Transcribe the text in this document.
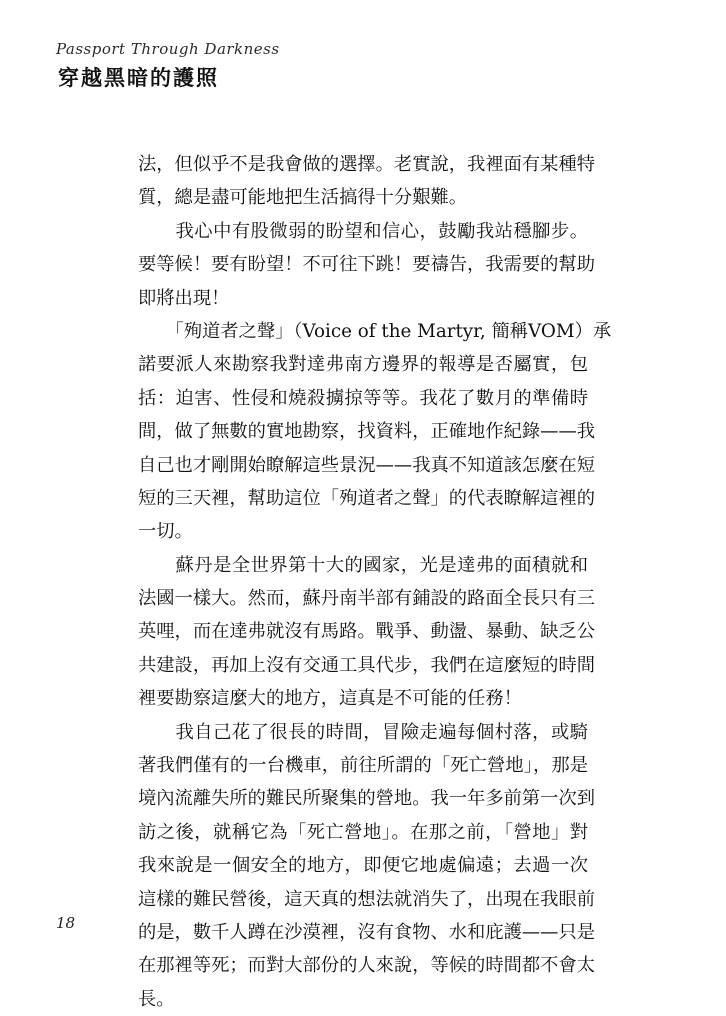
Passport Through Darkness
穿越黑暗的護照
法，但似乎不是我會做的選擇。老實說，我裡面有某種特
質，總是盡可能地把生活搞得十分艱難。
　　我心中有股微弱的盼望和信心，鼓勵我站穩腳步。
要等候！要有盼望！不可往下跳！要禱告，我需要的幫助
即將出現！
　　「殉道者之聲」（Voice of the Martyr, 簡稱VOM）承
諾要派人來勘察我對達弗南方邊界的報導是否屬實，包
括：迫害、性侵和燒殺擄掠等等。我花了數月的準備時
間，做了無數的實地勘察，找資料，正確地作紀錄——我
自己也才剛開始瞭解這些景況——我真不知道該怎麼在短
短的三天裡，幫助這位「殉道者之聲」的代表瞭解這裡的
一切。
　　蘇丹是全世界第十大的國家，光是達弗的面積就和
法國一樣大。然而，蘇丹南半部有鋪設的路面全長只有三
英哩，而在達弗就沒有馬路。戰爭、動盪、暴動、缺乏公
共建設，再加上沒有交通工具代步，我們在這麼短的時間
裡要勘察這麼大的地方，這真是不可能的任務！
　　我自己花了很長的時間，冒險走遍每個村落，或騎
著我們僅有的一台機車，前往所謂的「死亡營地」，那是
境內流離失所的難民所聚集的營地。我一年多前第一次到
訪之後，就稱它為「死亡營地」。在那之前，「營地」對
我來說是一個安全的地方，即便它地處偏遠；去過一次
這樣的難民營後，這天真的想法就消失了，出現在我眼前
的是，數千人蹲在沙漠裡，沒有食物、水和庇護——只是
在那裡等死；而對大部份的人來說，等候的時間都不會太
長。
18
